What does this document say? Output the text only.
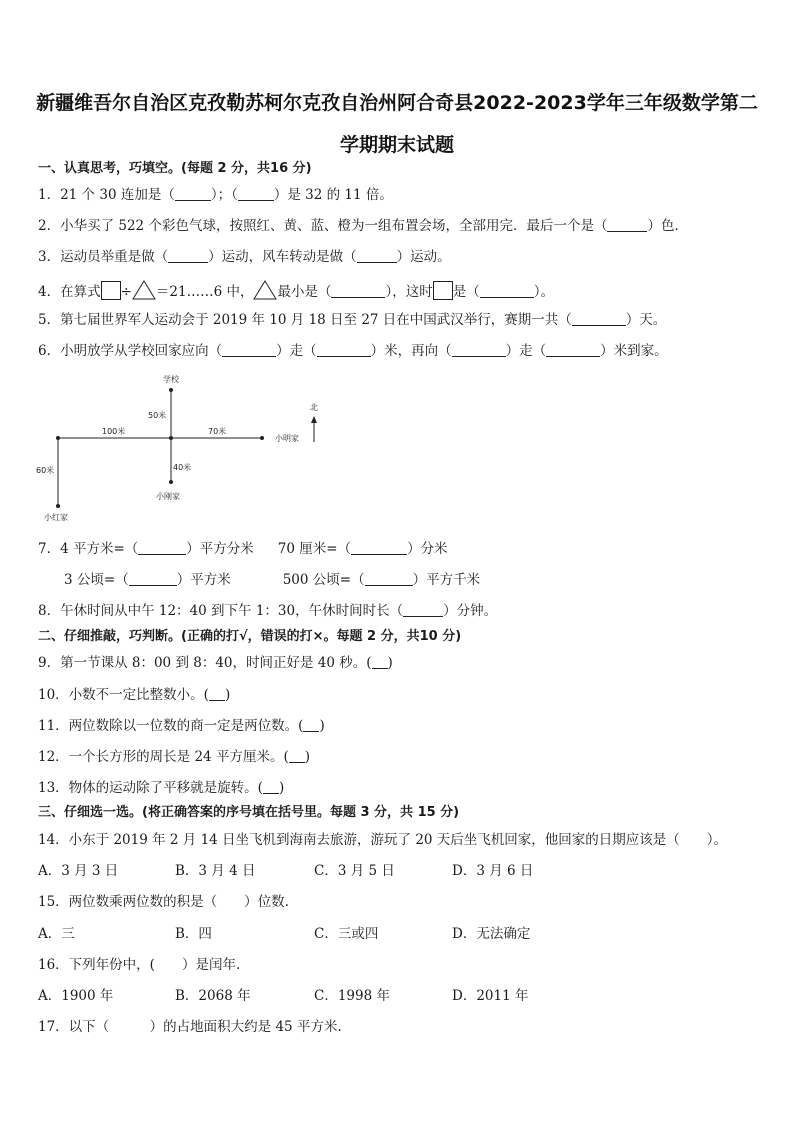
新疆维吾尔自治区克孜勒苏柯尔克孜自治州阿合奇县2022-2023学年三年级数学第二
学期期末试题
一、认真思考，巧填空。(每题 2 分，共16 分)
1．21 个 30 连加是（	）；（	）是 32 的 11 倍。
2．小华买了 522 个彩色气球，按照红、黄、蓝、橙为一组布置会场，全部用完．最后一个是（	）色．
3．运动员举重是做（	）运动，风车转动是做（	）运动。
4．在算式 ÷ ＝21……6 中， 最小是（	），这时 是（	）。
5．第七届世界军人运动会于 2019 年 10 月 18 日至 27 日在中国武汉举行，赛期一共（	）天。
6．小明放学从学校回家应向（	）走（	）米，再向（	）走（	）米到家。
学校
50米
100米	70米
小明家
60米	40米
小刚家
小红家
北
7．4 平方米=（	）平方分米 70 厘米=（	）分米
3 公顷=（	）平方米	500 公顷=（	）平方千米
8．午休时间从中午 12：40 到下午 1：30，午休时间时长（	）分钟。
二、仔细推敲，巧判断。(正确的打√，错误的打×。每题 2 分，共10 分)
9．第一节课从 8：00 到 8：40，时间正好是 40 秒。( )
10．小数不一定比整数小。( )
11．两位数除以一位数的商一定是两位数。( )
12．一个长方形的周长是 24 平方厘米。( )
13．物体的运动除了平移就是旋转。( )
三、仔细选一选。(将正确答案的序号填在括号里。每题 3 分，共 15 分)
14．小东于 2019 年 2 月 14 日坐飞机到海南去旅游，游玩了 20 天后坐飞机回家，他回家的日期应该是（　　）。
A．3 月 3 日	B．3 月 4 日	C．3 月 5 日	D．3 月 6 日
15．两位数乘两位数的积是（　　）位数.
A．三	B．四	C．三或四	D．无法确定
16．下列年份中，(　　）是闰年.
A．1900 年	B．2068 年	C．1998 年	D．2011 年
17．以下（　　　）的占地面积大约是 45 平方米.
